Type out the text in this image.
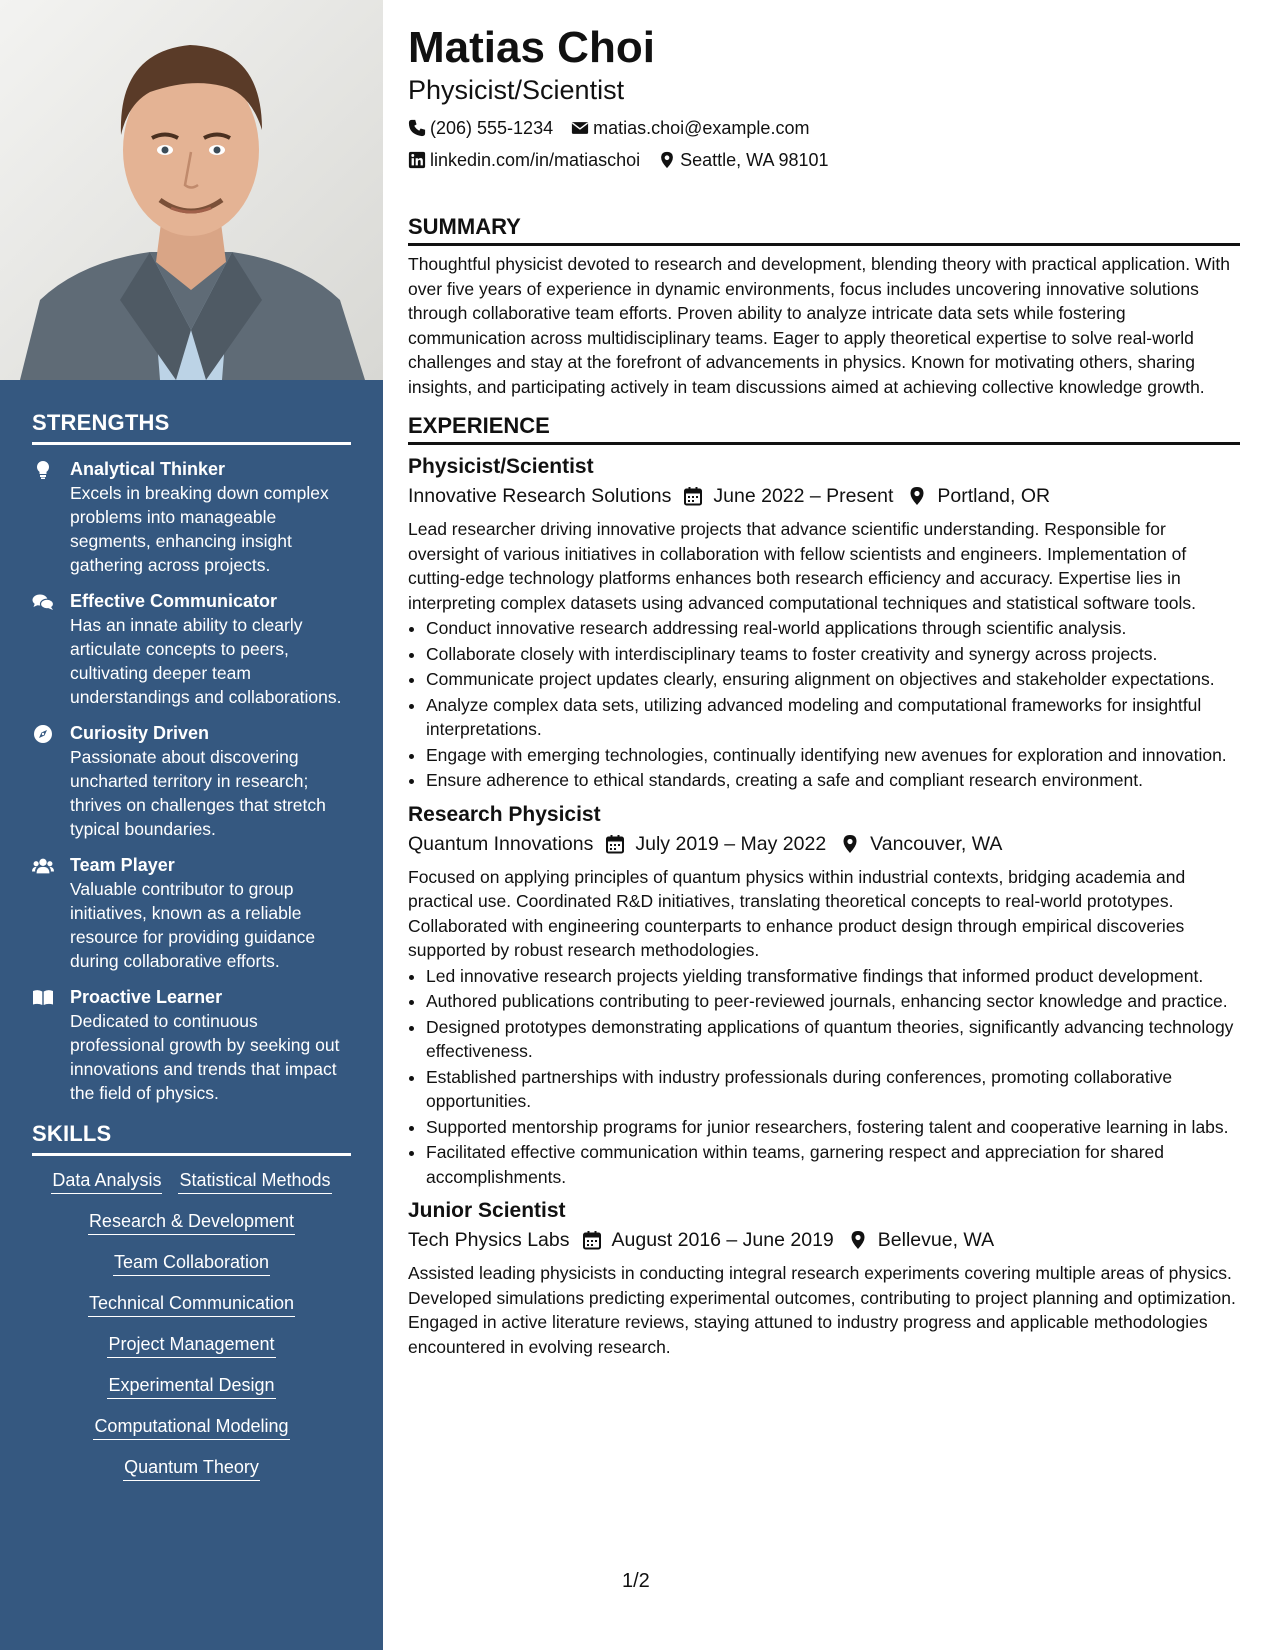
STRENGTHS
Analytical Thinker
Excels in breaking down complex problems into manageable segments, enhancing insight gathering across projects.
Effective Communicator
Has an innate ability to clearly articulate concepts to peers, cultivating deeper team understandings and collaborations.
Curiosity Driven
Passionate about discovering uncharted territory in research; thrives on challenges that stretch typical boundaries.
Team Player
Valuable contributor to group initiatives, known as a reliable resource for providing guidance during collaborative efforts.
Proactive Learner
Dedicated to continuous professional growth by seeking out innovations and trends that impact the field of physics.
SKILLS
Data Analysis Statistical Methods
Research & Development
Team Collaboration
Technical Communication
Project Management
Experimental Design
Computational Modeling
Quantum Theory
Matias Choi
Physicist/Scientist
(206) 555-1234 matias.choi@example.com
linkedin.com/in/matiaschoi Seattle, WA 98101
SUMMARY

Thoughtful physicist devoted to research and development, blending theory with practical application. With over five years of experience in dynamic environments, focus includes uncovering innovative solutions through collaborative team efforts. Proven ability to analyze intricate data sets while fostering communication across multidisciplinary teams. Eager to apply theoretical expertise to solve real-world challenges and stay at the forefront of advancements in physics. Known for motivating others, sharing insights, and participating actively in team discussions aimed at achieving collective knowledge growth.

EXPERIENCE
Physicist/Scientist
Innovative Research Solutions June 2022 – Present Portland, OR
Lead researcher driving innovative projects that advance scientific understanding. Responsible for oversight of various initiatives in collaboration with fellow scientists and engineers. Implementation of cutting-edge technology platforms enhances both research efficiency and accuracy. Expertise lies in interpreting complex datasets using advanced computational techniques and statistical software tools.
• Conduct innovative research addressing real-world applications through scientific analysis.
• Collaborate closely with interdisciplinary teams to foster creativity and synergy across projects.
• Communicate project updates clearly, ensuring alignment on objectives and stakeholder expectations.
• Analyze complex data sets, utilizing advanced modeling and computational frameworks for insightful interpretations.
• Engage with emerging technologies, continually identifying new avenues for exploration and innovation.
• Ensure adherence to ethical standards, creating a safe and compliant research environment.
Research Physicist
Quantum Innovations July 2019 – May 2022 Vancouver, WA
Focused on applying principles of quantum physics within industrial contexts, bridging academia and practical use. Coordinated R&D initiatives, translating theoretical concepts to real-world prototypes. Collaborated with engineering counterparts to enhance product design through empirical discoveries supported by robust research methodologies.
• Led innovative research projects yielding transformative findings that informed product development.
• Authored publications contributing to peer-reviewed journals, enhancing sector knowledge and practice.
• Designed prototypes demonstrating applications of quantum theories, significantly advancing technology effectiveness.
• Established partnerships with industry professionals during conferences, promoting collaborative opportunities.
• Supported mentorship programs for junior researchers, fostering talent and cooperative learning in labs.
• Facilitated effective communication within teams, garnering respect and appreciation for shared accomplishments.
Junior Scientist
Tech Physics Labs August 2016 – June 2019 Bellevue, WA
Assisted leading physicists in conducting integral research experiments covering multiple areas of physics. Developed simulations predicting experimental outcomes, contributing to project planning and optimization. Engaged in active literature reviews, staying attuned to industry progress and applicable methodologies encountered in evolving research.
1/2
